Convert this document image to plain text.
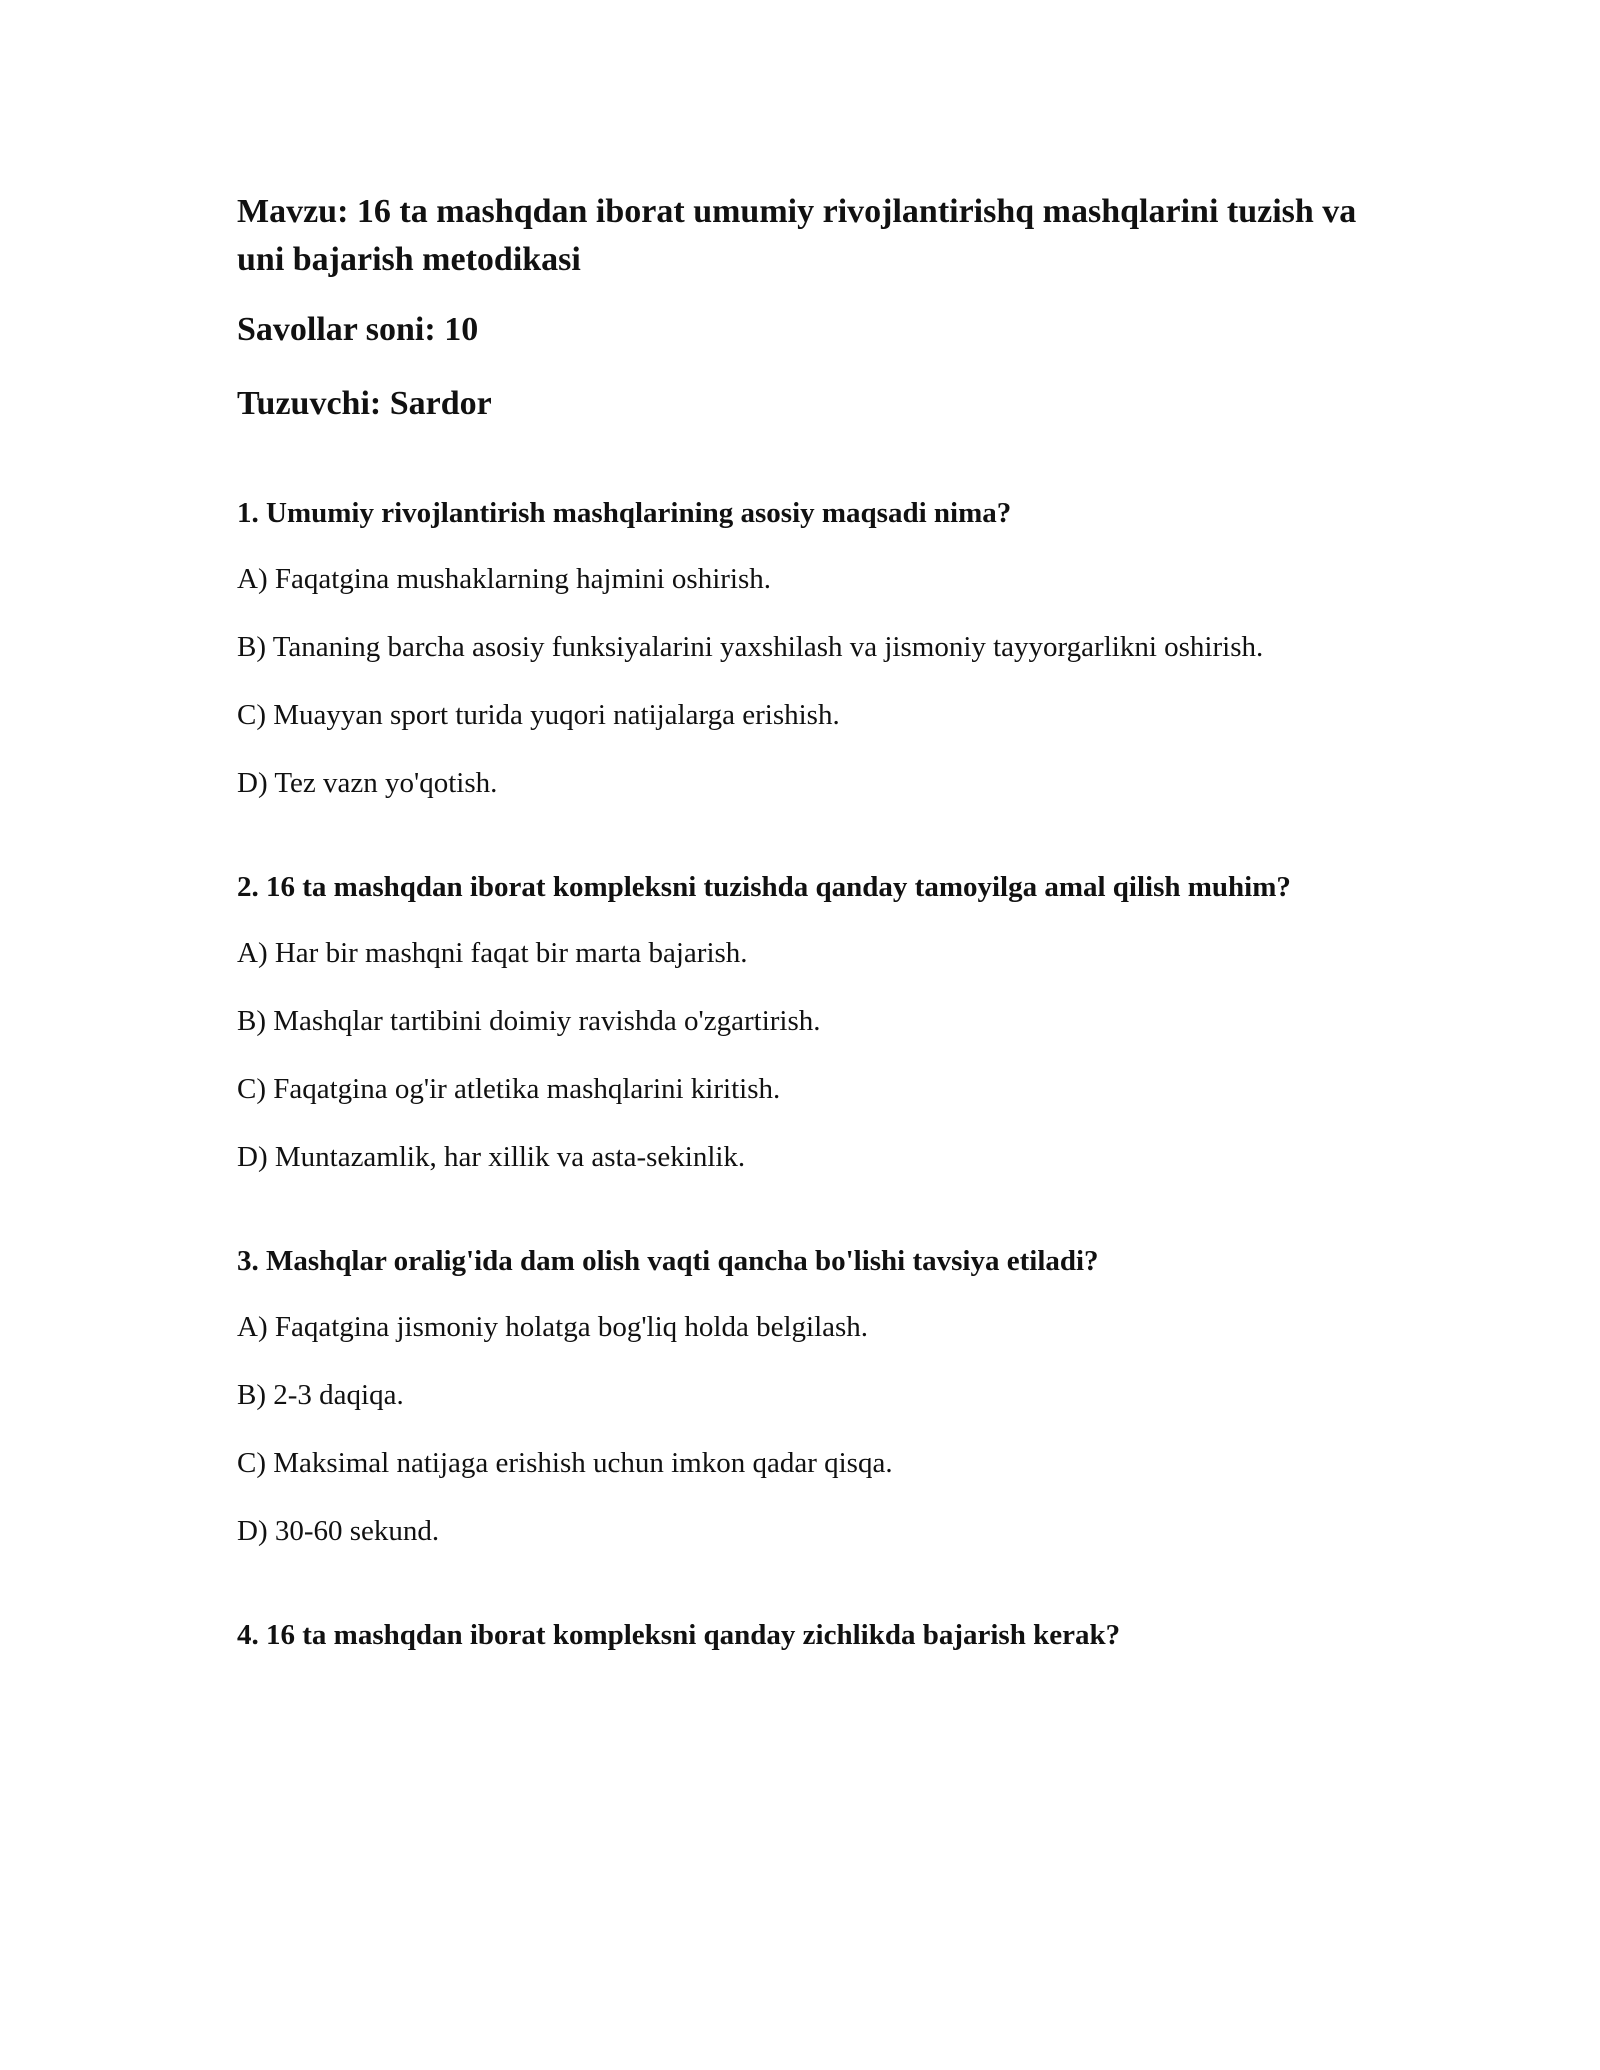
Mavzu: 16 ta mashqdan iborat umumiy rivojlantirishq mashqlarini tuzish va uni bajarish metodikasi

Savollar soni: 10

Tuzuvchi: Sardor

1. Umumiy rivojlantirish mashqlarining asosiy maqsadi nima?

A) Faqatgina mushaklarning hajmini oshirish.

B) Tananing barcha asosiy funksiyalarini yaxshilash va jismoniy tayyorgarlikni oshirish.

C) Muayyan sport turida yuqori natijalarga erishish.

D) Tez vazn yo'qotish.

2. 16 ta mashqdan iborat kompleksni tuzishda qanday tamoyilga amal qilish muhim?

A) Har bir mashqni faqat bir marta bajarish.

B) Mashqlar tartibini doimiy ravishda o'zgartirish.

C) Faqatgina og'ir atletika mashqlarini kiritish.

D) Muntazamlik, har xillik va asta-sekinlik.

3. Mashqlar oralig'ida dam olish vaqti qancha bo'lishi tavsiya etiladi?

A) Faqatgina jismoniy holatga bog'liq holda belgilash.

B) 2-3 daqiqa.

C) Maksimal natijaga erishish uchun imkon qadar qisqa.

D) 30-60 sekund.

4. 16 ta mashqdan iborat kompleksni qanday zichlikda bajarish kerak?
